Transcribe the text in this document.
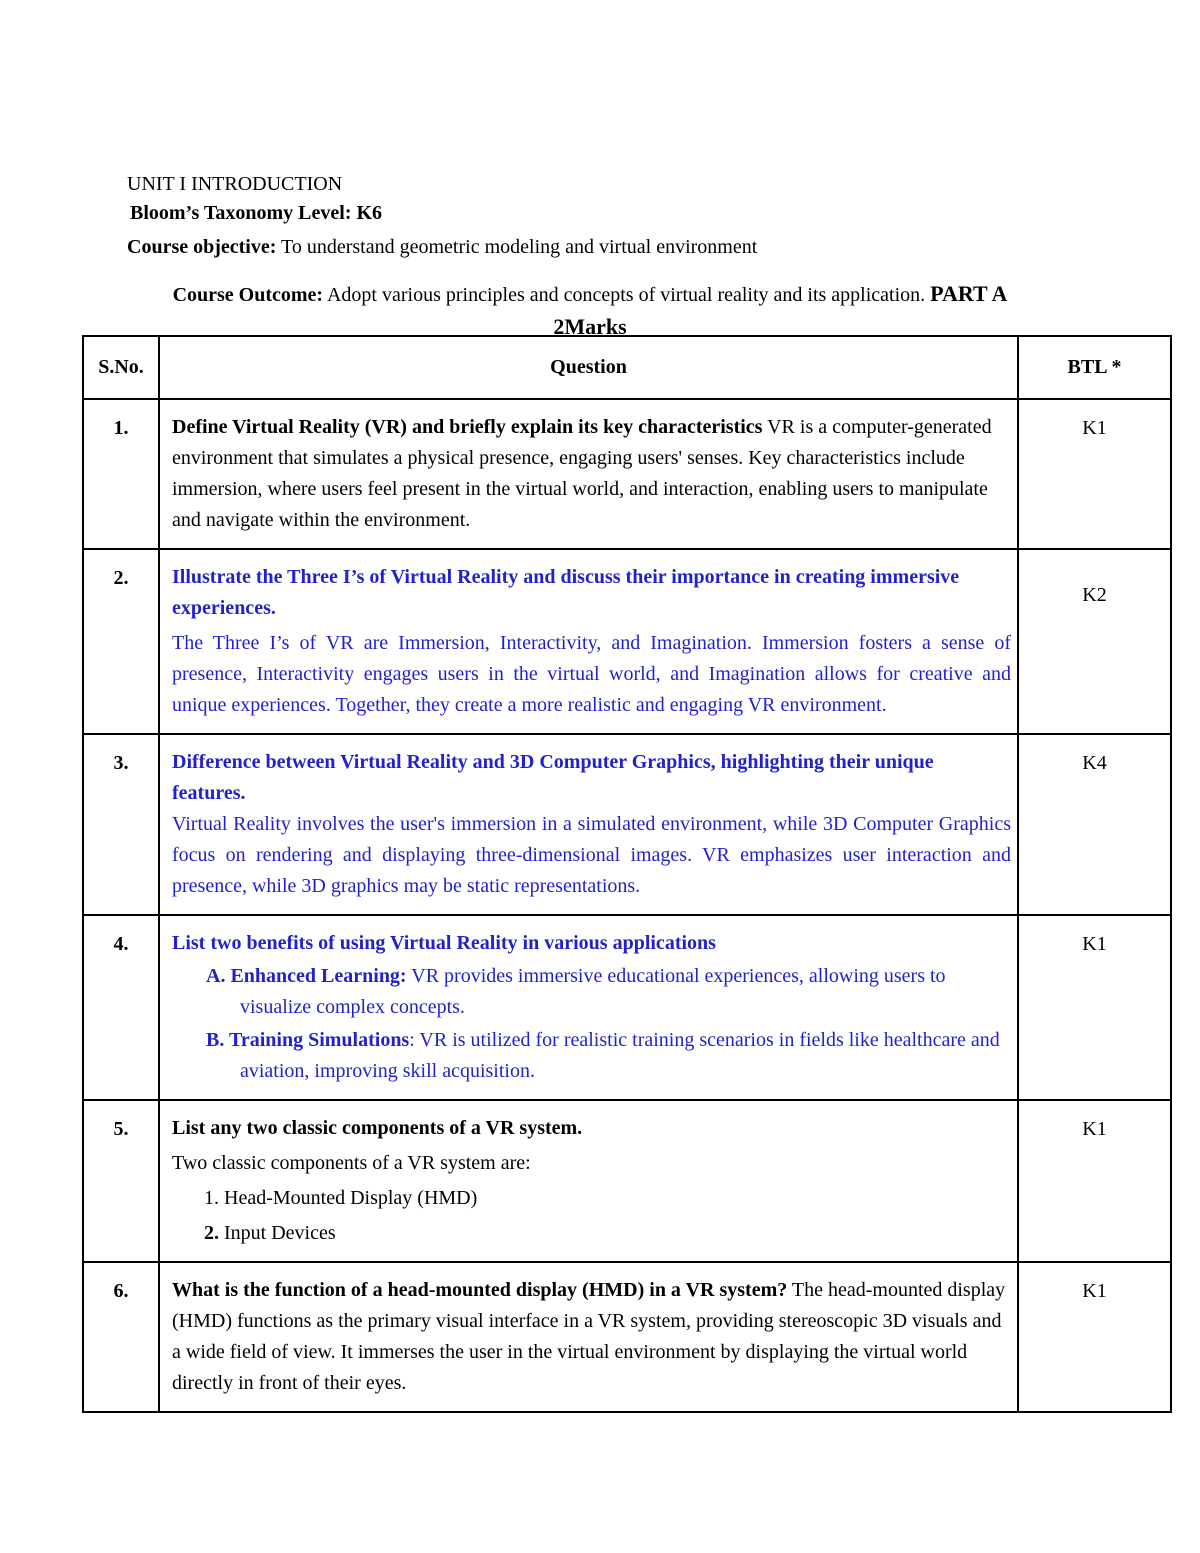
UNIT I INTRODUCTION

Bloom’s Taxonomy Level: K6

Course objective: To understand geometric modeling and virtual environment

Course Outcome: Adopt various principles and concepts of virtual reality and its application. PART A 2Marks
S.No.	Question	BTL *
1.	Define Virtual Reality (VR) and briefly explain its key characteristics VR is a computer-generated environment that simulates a physical presence, engaging users' senses. Key characteristics include immersion, where users feel present in the virtual world, and interaction, enabling users to manipulate and navigate within the environment.	K1
2.	Illustrate the Three I’s of Virtual Reality and discuss their importance in creating immersive experiences.
The Three I’s of VR are Immersion, Interactivity, and Imagination. Immersion fosters a sense of presence, Interactivity engages users in the virtual world, and Imagination allows for creative and unique experiences. Together, they create a more realistic and engaging VR environment.	K2
3.	Difference between Virtual Reality and 3D Computer Graphics, highlighting their unique features.
Virtual Reality involves the user's immersion in a simulated environment, while 3D Computer Graphics focus on rendering and displaying three-dimensional images. VR emphasizes user interaction and presence, while 3D graphics may be static representations.	K4
4.	List two benefits of using Virtual Reality in various applications
A. Enhanced Learning: VR provides immersive educational experiences, allowing users to visualize complex concepts.
B. Training Simulations: VR is utilized for realistic training scenarios in fields like healthcare and aviation, improving skill acquisition.	K1
5.	List any two classic components of a VR system.
Two classic components of a VR system are:
1. Head-Mounted Display (HMD)
2. Input Devices	K1
6.	What is the function of a head-mounted display (HMD) in a VR system? The head-mounted display (HMD) functions as the primary visual interface in a VR system, providing stereoscopic 3D visuals and a wide field of view. It immerses the user in the virtual environment by displaying the virtual world directly in front of their eyes.	K1
